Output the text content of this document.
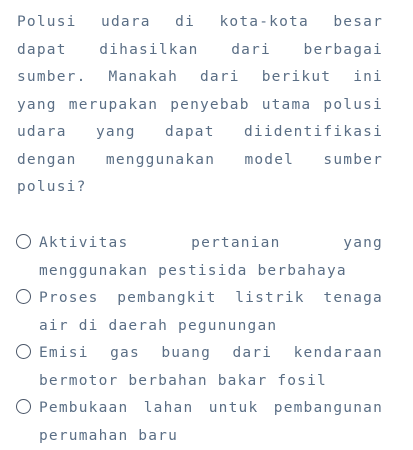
Polusi udara di kota-kota besar dapat dihasilkan dari berbagai sumber. Manakah dari berikut ini yang merupakan penyebab utama polusi udara yang dapat diidentifikasi dengan menggunakan model sumber polusi?

Aktivitas pertanian yang menggunakan pestisida berbahaya
Proses pembangkit listrik tenaga air di daerah pegunungan
Emisi gas buang dari kendaraan bermotor berbahan bakar fosil
Pembukaan lahan untuk pembangunan perumahan baru
